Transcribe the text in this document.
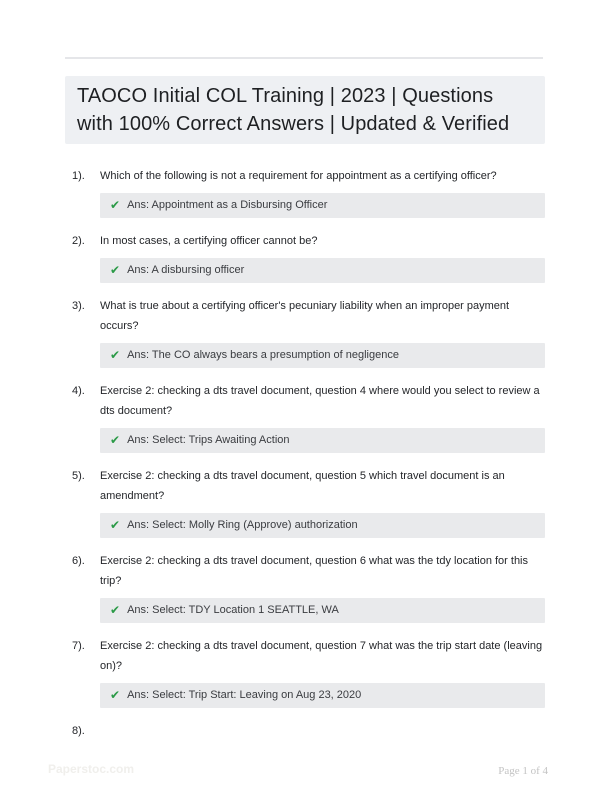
TAOCO Initial COL Training | 2023 | Questions
with 100% Correct Answers | Updated & Verified
1).	Which of the following is not a requirement for appointment as a certifying officer?
✔ Ans: Appointment as a Disbursing Officer
2).	In most cases, a certifying officer cannot be?
✔ Ans: A disbursing officer
3).	What is true about a certifying officer's pecuniary liability when an improper payment
occurs?
✔ Ans: The CO always bears a presumption of negligence
4).	Exercise 2: checking a dts travel document, question 4 where would you select to review a
dts document?
✔ Ans: Select: Trips Awaiting Action
5).	Exercise 2: checking a dts travel document, question 5 which travel document is an
amendment?
✔ Ans: Select: Molly Ring (Approve) authorization
6).	Exercise 2: checking a dts travel document, question 6 what was the tdy location for this
trip?
✔ Ans: Select: TDY Location 1 SEATTLE, WA
7).	Exercise 2: checking a dts travel document, question 7 what was the trip start date (leaving
on)?
✔ Ans: Select: Trip Start: Leaving on Aug 23, 2020
8).
Paperstoc.com	Page 1 of 4
